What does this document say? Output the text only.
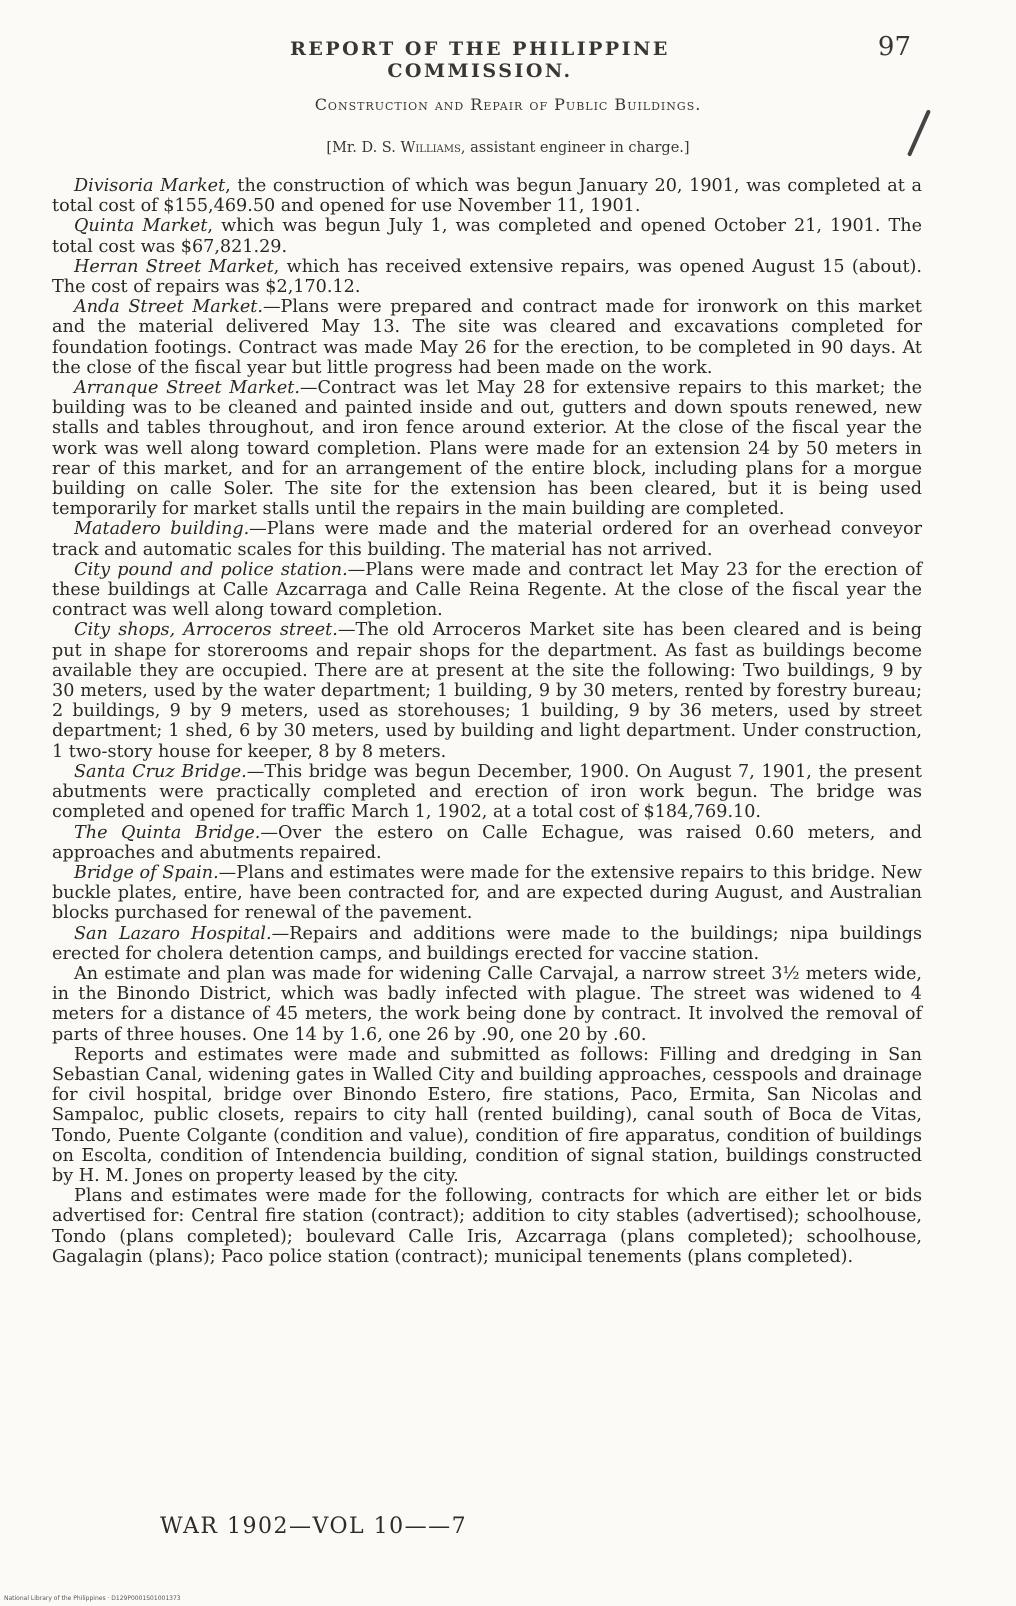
REPORT OF THE PHILIPPINE COMMISSION.
97
Construction and Repair of Public Buildings.
[Mr. D. S. Williams, assistant engineer in charge.]

Divisoria Market, the construction of which was begun January 20, 1901, was completed at a total cost of $155,469.50 and opened for use November 11, 1901.

Quinta Market, which was begun July 1, was completed and opened October 21, 1901. The total cost was $67,821.29.

Herran Street Market, which has received extensive repairs, was opened August 15 (about). The cost of repairs was $2,170.12.

Anda Street Market.—Plans were prepared and contract made for ironwork on this market and the material delivered May 13. The site was cleared and excavations completed for foundation footings. Contract was made May 26 for the erection, to be completed in 90 days. At the close of the fiscal year but little progress had been made on the work.

Arranque Street Market.—Contract was let May 28 for extensive repairs to this market; the building was to be cleaned and painted inside and out, gutters and down spouts renewed, new stalls and tables throughout, and iron fence around exterior. At the close of the fiscal year the work was well along toward completion. Plans were made for an extension 24 by 50 meters in rear of this market, and for an arrangement of the entire block, including plans for a morgue building on calle Soler. The site for the extension has been cleared, but it is being used temporarily for market stalls until the repairs in the main building are completed.

Matadero building.—Plans were made and the material ordered for an overhead conveyor track and automatic scales for this building. The material has not arrived.

City pound and police station.—Plans were made and contract let May 23 for the erection of these buildings at Calle Azcarraga and Calle Reina Regente. At the close of the fiscal year the contract was well along toward completion.

City shops, Arroceros street.—The old Arroceros Market site has been cleared and is being put in shape for storerooms and repair shops for the department. As fast as buildings become available they are occupied. There are at present at the site the following: Two buildings, 9 by 30 meters, used by the water department; 1 building, 9 by 30 meters, rented by forestry bureau; 2 buildings, 9 by 9 meters, used as storehouses; 1 building, 9 by 36 meters, used by street department; 1 shed, 6 by 30 meters, used by building and light department. Under construction, 1 two-story house for keeper, 8 by 8 meters.

Santa Cruz Bridge.—This bridge was begun December, 1900. On August 7, 1901, the present abutments were practically completed and erection of iron work begun. The bridge was completed and opened for traffic March 1, 1902, at a total cost of $184,769.10.

The Quinta Bridge.—Over the estero on Calle Echague, was raised 0.60 meters, and approaches and abutments repaired.

Bridge of Spain.—Plans and estimates were made for the extensive repairs to this bridge. New buckle plates, entire, have been contracted for, and are expected during August, and Australian blocks purchased for renewal of the pavement.

San Lazaro Hospital.—Repairs and additions were made to the buildings; nipa buildings erected for cholera detention camps, and buildings erected for vaccine station.

An estimate and plan was made for widening Calle Carvajal, a narrow street 3½ meters wide, in the Binondo District, which was badly infected with plague. The street was widened to 4 meters for a distance of 45 meters, the work being done by contract. It involved the removal of parts of three houses. One 14 by 1.6, one 26 by .90, one 20 by .60.

Reports and estimates were made and submitted as follows: Filling and dredging in San Sebastian Canal, widening gates in Walled City and building approaches, cesspools and drainage for civil hospital, bridge over Binondo Estero, fire stations, Paco, Ermita, San Nicolas and Sampaloc, public closets, repairs to city hall (rented building), canal south of Boca de Vitas, Tondo, Puente Colgante (condition and value), condition of fire apparatus, condition of buildings on Escolta, condition of Intendencia building, condition of signal station, buildings constructed by H. M. Jones on property leased by the city.

Plans and estimates were made for the following, contracts for which are either let or bids advertised for: Central fire station (contract); addition to city stables (advertised); schoolhouse, Tondo (plans completed); boulevard Calle Iris, Azcarraga (plans completed); schoolhouse, Gagalagin (plans); Paco police station (contract); municipal tenements (plans completed).

WAR 1902—VOL 10——7
National Library of the Philippines · D129P0001S01001373
